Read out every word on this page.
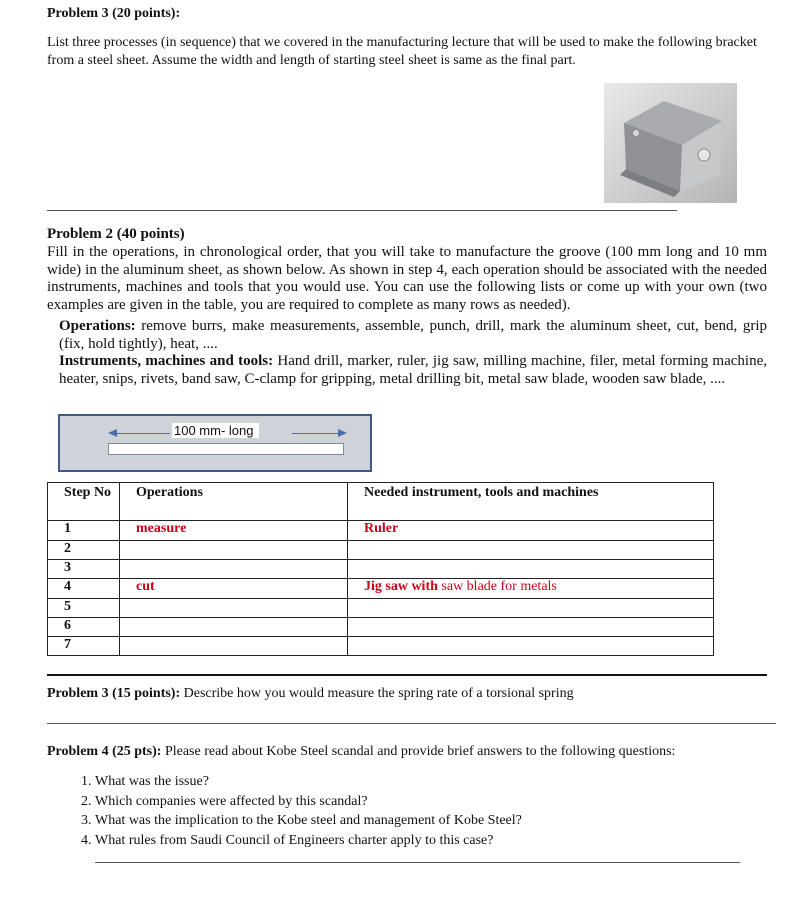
Problem 3 (20 points):
List three processes (in sequence) that we covered in the manufacturing lecture that will be used to make the following bracket from a steel sheet. Assume the width and length of starting steel sheet is same as the final part.
Problem 2 (40 points)
Fill in the operations, in chronological order, that you will take to manufacture the groove (100 mm long and 10 mm wide) in the aluminum sheet, as shown below. As shown in step 4, each operation should be associated with the needed instruments, machines and tools that you would use. You can use the following lists or come up with your own (two examples are given in the table, you are required to complete as many rows as needed).
Operations: remove burrs, make measurements, assemble, punch, drill, mark the aluminum sheet, cut, bend, grip (fix, hold tightly), heat, ....
Instruments, machines and tools: Hand drill, marker, ruler, jig saw, milling machine, filer, metal forming machine, heater, snips, rivets, band saw, C-clamp for gripping, metal drilling bit, metal saw blade, wooden saw blade, ....
100 mm- long
Step No	Operations	Needed instrument, tools and machines
1	measure	Ruler
2		
3		
4	cut	Jig saw with saw blade for metals
5		
6		
7		
Problem 3 (15 points): Describe how you would measure the spring rate of a torsional spring
Problem 4 (25 pts): Please read about Kobe Steel scandal and provide brief answers to the following questions:
1. What was the issue?
2. Which companies were affected by this scandal?
3. What was the implication to the Kobe steel and management of Kobe Steel?
4. What rules from Saudi Council of Engineers charter apply to this case?
